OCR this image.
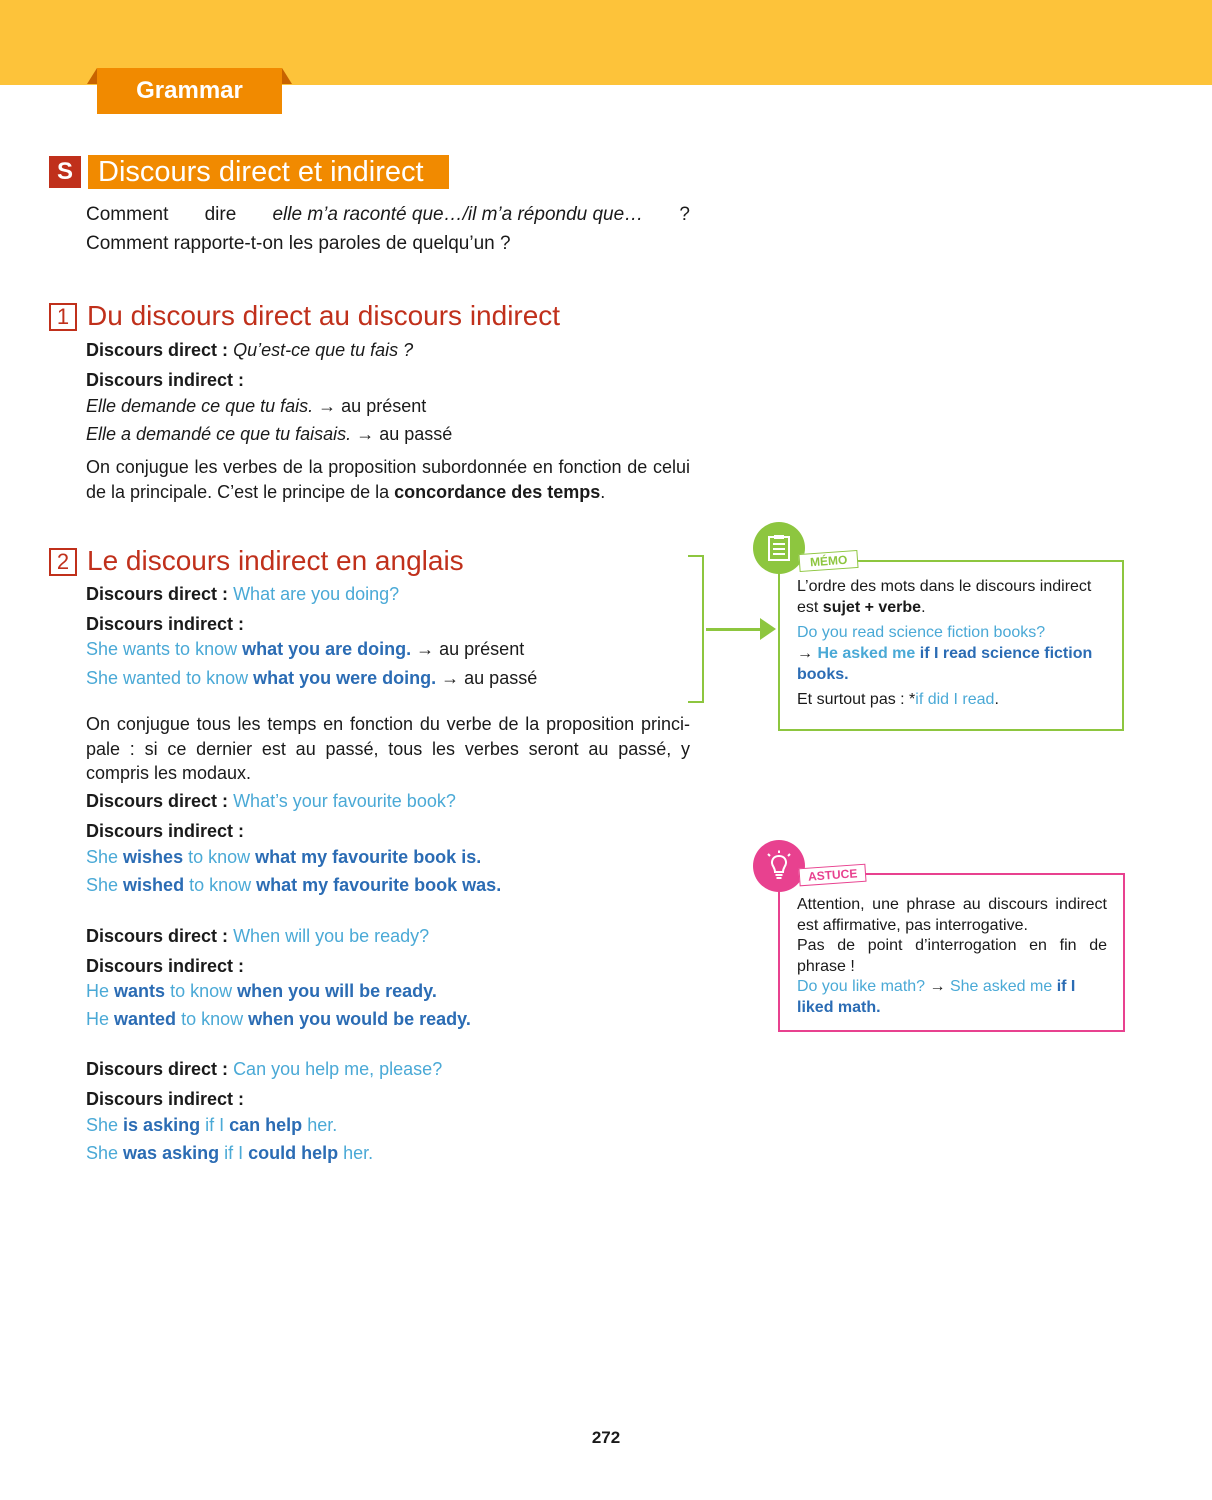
Grammar
S Discours direct et indirect
Comment dire elle m’a raconté que…/il m’a répondu que… ?
Comment rapporte-t-on les paroles de quelqu’un ?
1 Du discours direct au discours indirect
Discours direct : Qu’est-ce que tu fais ?
Discours indirect :
Elle demande ce que tu fais. → au présent
Elle a demandé ce que tu faisais. → au passé
On conjugue les verbes de la proposition subordonnée en fonction de celui de la principale. C’est le principe de la concordance des temps.
2 Le discours indirect en anglais
Discours direct : What are you doing?
Discours indirect :
She wants to know what you are doing. → au présent
She wanted to know what you were doing. → au passé
On conjugue tous les temps en fonction du verbe de la proposition princi-pale : si ce dernier est au passé, tous les verbes seront au passé, y compris les modaux.
Discours direct : What’s your favourite book?
Discours indirect :
She wishes to know what my favourite book is.
She wished to know what my favourite book was.
Discours direct : When will you be ready?
Discours indirect :
He wants to know when you will be ready.
He wanted to know when you would be ready.
Discours direct : Can you help me, please?
Discours indirect :
She is asking if I can help her.
She was asking if I could help her.
MÉMO
L’ordre des mots dans le discours indirect est sujet + verbe.
Do you read science fiction books?
→ He asked me if I read science fiction books.
Et surtout pas : *if did I read.
ASTUCE
Attention, une phrase au discours indirect est affirmative, pas interrogative.
Pas de point d’interrogation en fin de phrase !
Do you like math? → She asked me if I liked math.
272
